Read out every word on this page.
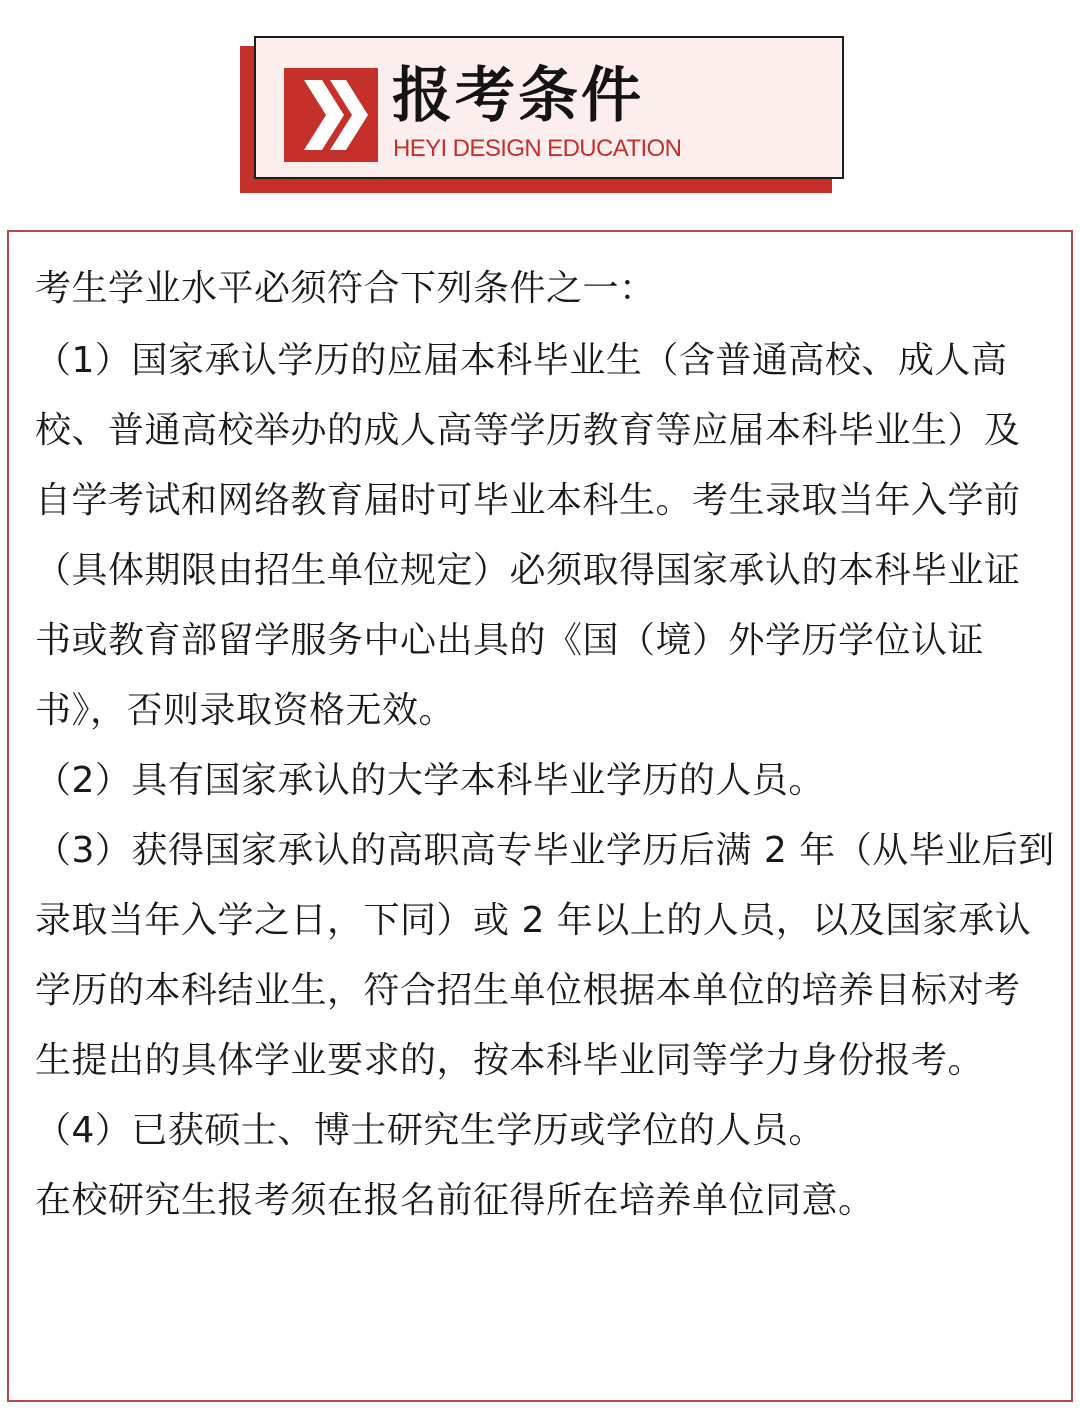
报考条件
HEYI DESIGN EDUCATION

考生学业水平必须符合下列条件之一：

（1）国家承认学历的应届本科毕业生（含普通高校、成人高校、普通高校举办的成人高等学历教育等应届本科毕业生）及自学考试和网络教育届时可毕业本科生。考生录取当年入学前（具体期限由招生单位规定）必须取得国家承认的本科毕业证书或教育部留学服务中心出具的《国（境）外学历学位认证书》，否则录取资格无效。

（2）具有国家承认的大学本科毕业学历的人员。

（3）获得国家承认的高职高专毕业学历后满 2 年（从毕业后到录取当年入学之日，下同）或 2 年以上的人员，以及国家承认学历的本科结业生，符合招生单位根据本单位的培养目标对考生提出的具体学业要求的，按本科毕业同等学力身份报考。

（4）已获硕士、博士研究生学历或学位的人员。

在校研究生报考须在报名前征得所在培养单位同意。
